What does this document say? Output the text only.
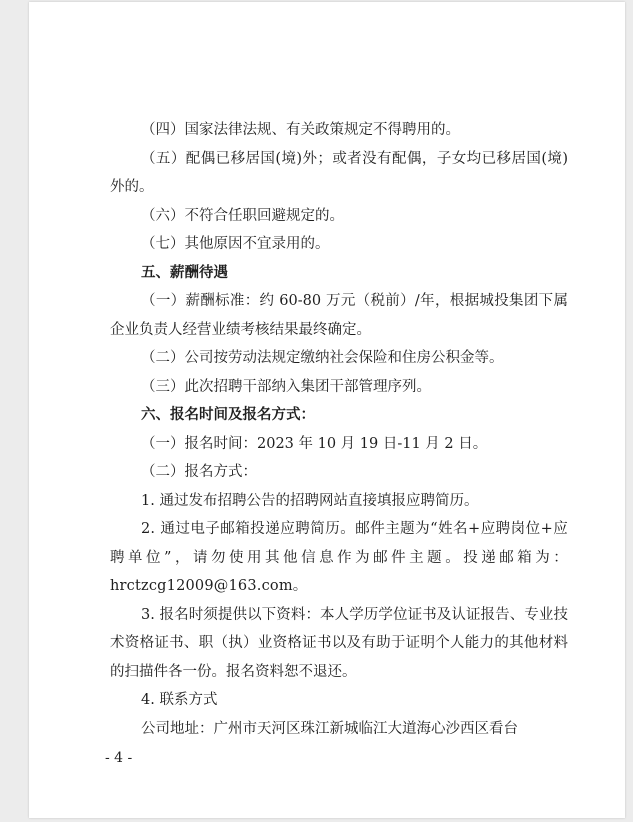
（四）国家法律法规、有关政策规定不得聘用的。

（五）配偶已移居国(境)外；或者没有配偶，子女均已移居国(境)外的。

（六）不符合任职回避规定的。

（七）其他原因不宜录用的。

五、薪酬待遇

（一）薪酬标准：约 60-80 万元（税前）/年，根据城投集团下属企业负责人经营业绩考核结果最终确定。

（二）公司按劳动法规定缴纳社会保险和住房公积金等。

（三）此次招聘干部纳入集团干部管理序列。

六、报名时间及报名方式：

（一）报名时间：2023 年 10 月 19 日-11 月 2 日。

（二）报名方式：

1. 通过发布招聘公告的招聘网站直接填报应聘简历。

2. 通过电子邮箱投递应聘简历。邮件主题为“姓名+应聘岗位+应聘单位”，请勿使用其他信息作为邮件主题。投递邮箱为：hrctzcg12009@163.com。

3. 报名时须提供以下资料：本人学历学位证书及认证报告、专业技术资格证书、职（执）业资格证书以及有助于证明个人能力的其他材料的扫描件各一份。报名资料恕不退还。

4. 联系方式

公司地址：广州市天河区珠江新城临江大道海心沙西区看台

- 4 -
